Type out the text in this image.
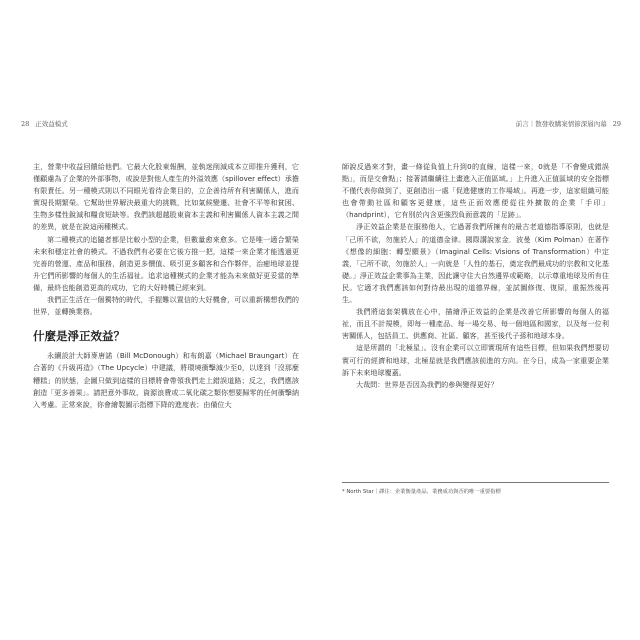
28 正效益模式

主，營業中收益回饋給他們。它最大化股東報酬，並執迷削減成本立即推升獲利，它僅顧慮為了企業的外部事物，或說是對他人產生的外溢效應（spillover effect）承擔有限責任。另一種模式則以不同眼光看待企業目的，立企善待所有利害關係人，進而實現長期繁榮。它幫助世界解決最重大的挑戰，比如氣候變遷、社會不平等和貧困、生物多樣性銳減和糧食短缺等。我們該超越股東資本主義和利害關係人資本主義之間的差異，就是在說這兩種模式。

第二種模式的追隨者都是比較小型的企業，但數量愈來愈多。它是唯一適合繁榮未來和穩定社會的模式。不過我們有必要在它後方推一把，這樣一來企業才能透過更完善的營運、產品和服務，創造更多價值、吸引更多顧客和合作夥伴，治癒地球並提升它們所影響的每個人的生活福祉。追求這種模式的企業才能為未來做好更妥當的準備，最終也能創造更高的成功，它的大好時機已經來到。

我們正生活在一個獨特的時代，手握難以置信的大好機會，可以重新構想我們的世界，並轉換業務。

什麼是淨正效益？

永續設計大師麥唐諾（Bill McDonough）和布朗嘉（Michael Braungart）在合著的《升級再造》（The Upcycle）中建議，將環境衝擊減少至0，以達到「沒那麼糟糕」的狀態，企圖只做到這樣的目標將會帶領我們走上錯誤道路；反之，我們應該創造「更多善果」。請把意外事故、資源浪費或二氧化碳之類你想要歸零的任何衝擊納入考慮。正常來說，你會繪製圖示指標下降的進度表；由備位大

前言｜散發收購案情節深層內幕 29

師說反過來才對，畫一條從負值上升到0的直線，這樣一來，0就是「不會變成錯誤點」，而是交會點」；接著請繼續往上畫進入正值區域。」上升進入正值區域的安全指標不僅代表你做到了，更創造出一處「促進健康的工作場域」。再進一步，這家組織可能也會帶動社區和顧客更健康，這些正面效應便從往外擴散的企業「手印」（handprint），它有別於內含更強烈負面意義的「足跡」。

淨正效益企業是在服務他人，它過著我們所擁有的最古老道德指導原則，也就是「己所不欲，勿施於人」的道德金律。國際講說家金．波曼（Kim Polman）在著作《想像的細胞：轉型願景》（Imaginal Cells: Visions of Transformation）中定義，「己所不欲，勿施於人」一向就是「人性的基石，奠定我們最成功的宗教和文化基礎。」淨正效益企業事為主業，因此讓守住大自然邊界或範略，以示尊重地球及所有住民。它適才我們應該如何對待最出現的道德界線，並試圖修復、復原，重振然後再生。

我們將這套架構放在心中，描繪淨正效益的企業是改善它所影響的每個人的福祉，而且不計規模，即每一種產品、每一場交易、每一個地區和國家，以及每一位利害關係人，包括員工、供應商、社區、顧客，甚至後代子孫和地球本身。

這是所謂的「北極星」。沒有企業可以立即實現所有這些目標，但如果我們想要切實可行的經濟和地球，北極星就是我們應該前進的方向。在今日，成為一家重要企業訴下未來地球覆蓋。

大哉問：世界是否因為我們的參與變得更好？

* North Star｜譯注：企業衡量產品、業務成功與否的唯一重要指標
